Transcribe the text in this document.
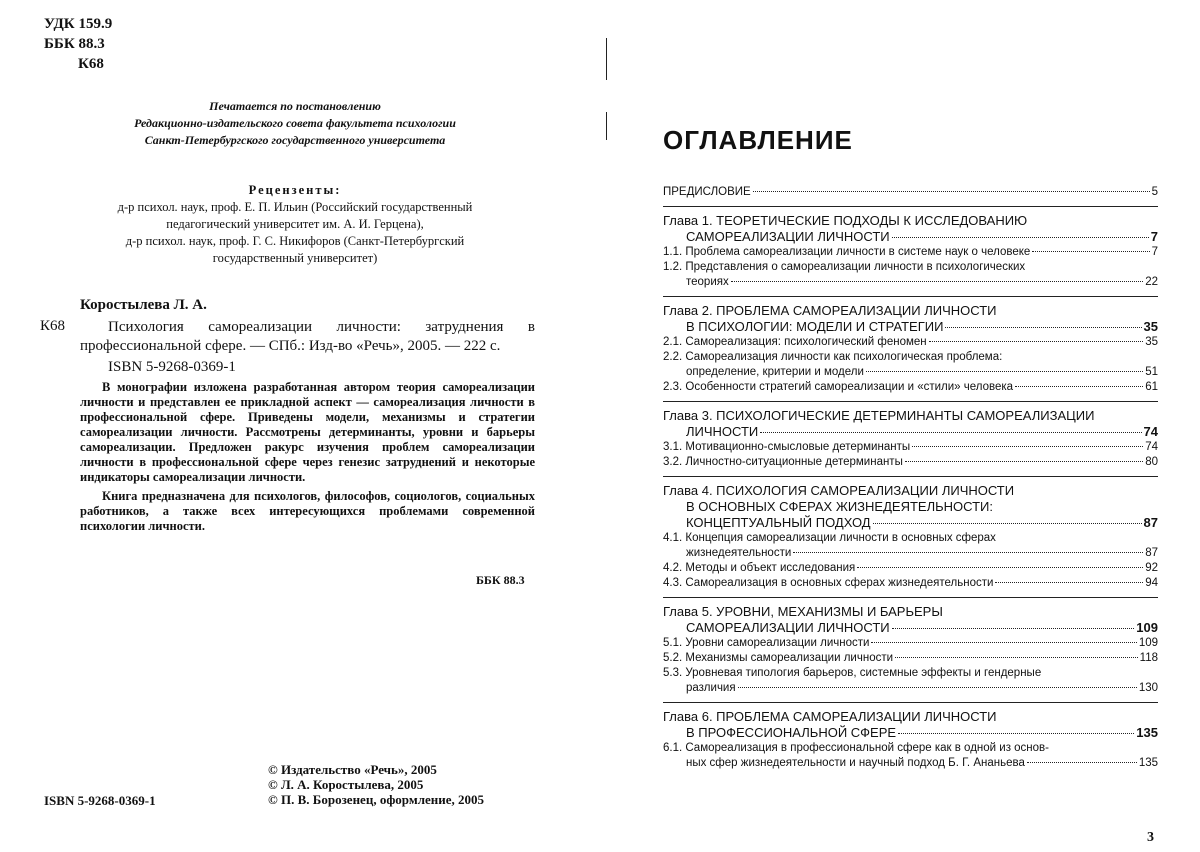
УДК 159.9
ББК 88.3
К68
Печатается по постановлению
Редакционно-издательского совета факультета психологии
Санкт-Петербургского государственного университета
Рецензенты:
д-р психол. наук, проф. Е. П. Ильин (Российский государственный
педагогический университет им. А. И. Герцена),
д-р психол. наук, проф. Г. С. Никифоров (Санкт-Петербургский
государственный университет)
Коростылева Л. А.
К68	Психология самореализации личности: затруднения в профессиональной сфере. — СПб.: Изд-во «Речь», 2005. — 222 с.
ISBN 5-9268-0369-1

В монографии изложена разработанная автором теория самореализации личности и представлен ее прикладной аспект — самореализация личности в профессиональной сфере. Приведены модели, механизмы и стратегии самореализации личности. Рассмотрены детерминанты, уровни и барьеры самореализации. Предложен ракурс изучения проблем самореализации личности в профессиональной сфере через генезис затруднений и некоторые индикаторы самореализации личности.

Книга предназначена для психологов, философов, социологов, социальных работников, а также всех интересующихся проблемами современной психологии личности.

ББК 88.3
© Издательство «Речь», 2005
© Л. А. Коростылева, 2005
© П. В. Борозенец, оформление, 2005
ISBN 5-9268-0369-1
ОГЛАВЛЕНИЕ
ПРЕДИСЛОВИЕ	5
Глава 1. ТЕОРЕТИЧЕСКИЕ ПОДХОДЫ К ИССЛЕДОВАНИЮ
САМОРЕАЛИЗАЦИИ ЛИЧНОСТИ	7
1.1. Проблема самореализации личности в системе наук о человеке	7
1.2. Представления о самореализации личности в психологических
теориях	22
Глава 2. ПРОБЛЕМА САМОРЕАЛИЗАЦИИ ЛИЧНОСТИ
В ПСИХОЛОГИИ: МОДЕЛИ И СТРАТЕГИИ	35
2.1. Самореализация: психологический феномен	35
2.2. Самореализация личности как психологическая проблема:
определение, критерии и модели	51
2.3. Особенности стратегий самореализации и «стили» человека	61
Глава 3. ПСИХОЛОГИЧЕСКИЕ ДЕТЕРМИНАНТЫ САМОРЕАЛИЗАЦИИ
ЛИЧНОСТИ	74
3.1. Мотивационно-смысловые детерминанты	74
3.2. Личностно-ситуационные детерминанты	80
Глава 4. ПСИХОЛОГИЯ САМОРЕАЛИЗАЦИИ ЛИЧНОСТИ
В ОСНОВНЫХ СФЕРАХ ЖИЗНЕДЕЯТЕЛЬНОСТИ:
КОНЦЕПТУАЛЬНЫЙ ПОДХОД	87
4.1. Концепция самореализации личности в основных сферах
жизнедеятельности	87
4.2. Методы и объект исследования	92
4.3. Самореализация в основных сферах жизнедеятельности	94
Глава 5. УРОВНИ, МЕХАНИЗМЫ И БАРЬЕРЫ
САМОРЕАЛИЗАЦИИ ЛИЧНОСТИ	109
5.1. Уровни самореализации личности	109
5.2. Механизмы самореализации личности	118
5.3. Уровневая типология барьеров, системные эффекты и гендерные
различия	130
Глава 6. ПРОБЛЕМА САМОРЕАЛИЗАЦИИ ЛИЧНОСТИ
В ПРОФЕССИОНАЛЬНОЙ СФЕРЕ	135
6.1. Самореализация в профессиональной сфере как в одной из основ-
ных сфер жизнедеятельности и научный подход Б. Г. Ананьева	135
3
